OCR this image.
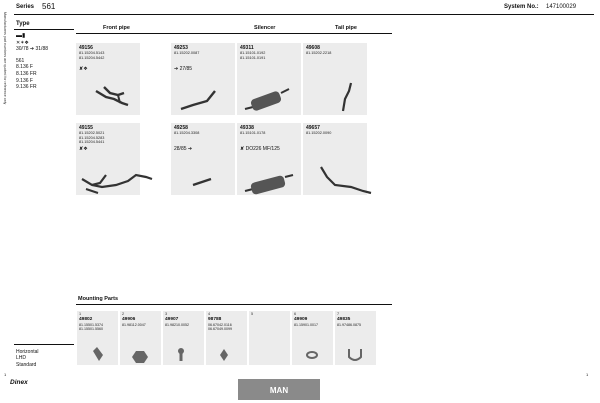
Manufacturers part numbers are quoted for reference only
Series 561	System No.: 147100029
Type
Front pipe	Silencer	Tail pipe
▬▮
✕✶❖
30/78 ➔ 31/88
561
8.136 F
8.136 FR
9.136 F
9.136 FR
49156
81.15204.5143
81.15204.5442
✘❖
49253
81.15202.0087
➔ 27/85
49311
81.15101.0192
81.15101.0191
49608
81.15202.2218
49155
81.15202.5021
81.15204.5283
81.15204.5441
✘❖
49258
81.15204.3308
28/85 ➔
49338
81.15101.0178
✘ DO226 MF/125
49657
81.15202.0090
Mounting Parts
1
49802
81.15501.5374
81.15501.5560
2
49906
81.98112.0047
3
49907
81.98210.0052
4
98788
06.67042.0116
06.67049.0099
5	6
49909
81.15901.0017
7
49835
81.97486.0875
Horizontal
LHD
Standard
1	1
Dinex
MAN
